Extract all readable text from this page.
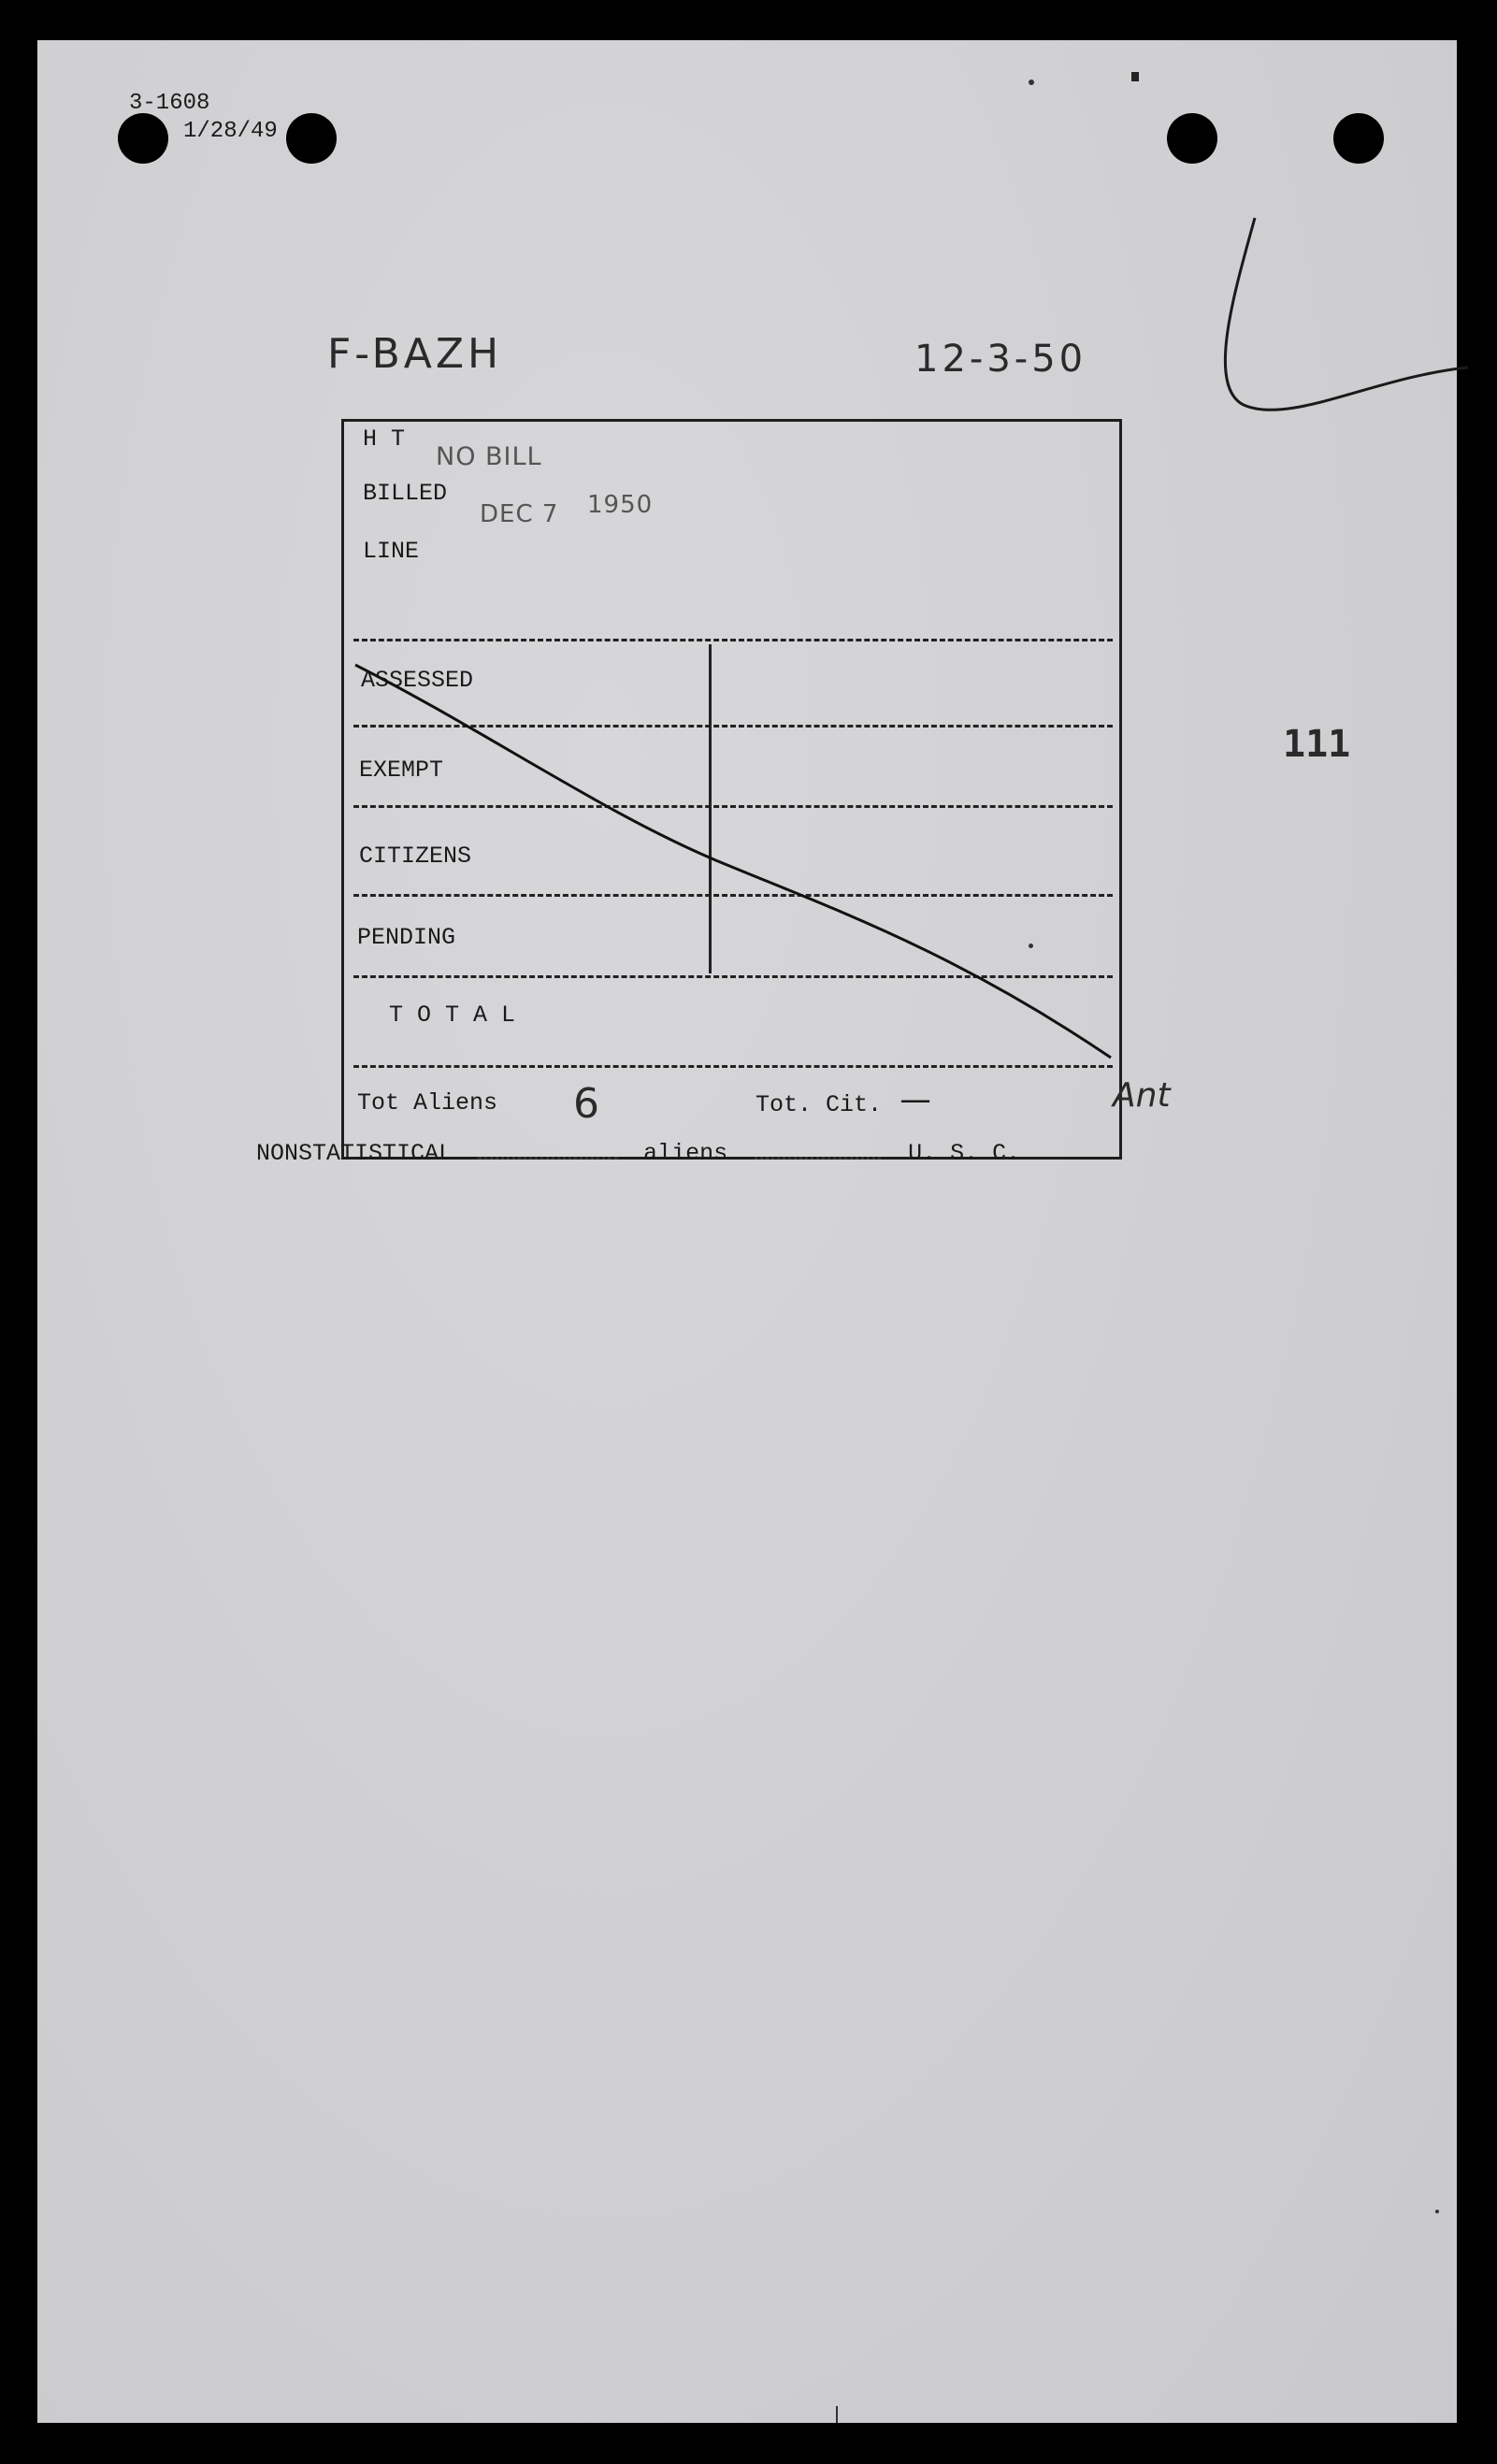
3-1608
1/28/49
F-BAZH	12-3-50
111
H T
BILLED
LINE
NO BILL
DEC 7 1950
ASSESSED
EXEMPT
CITIZENS
PENDING
T O T A L
Tot Aliens 6	Tot. Cit. ——	Ant
NONSTATISTICAL	aliens	U. S. C.
